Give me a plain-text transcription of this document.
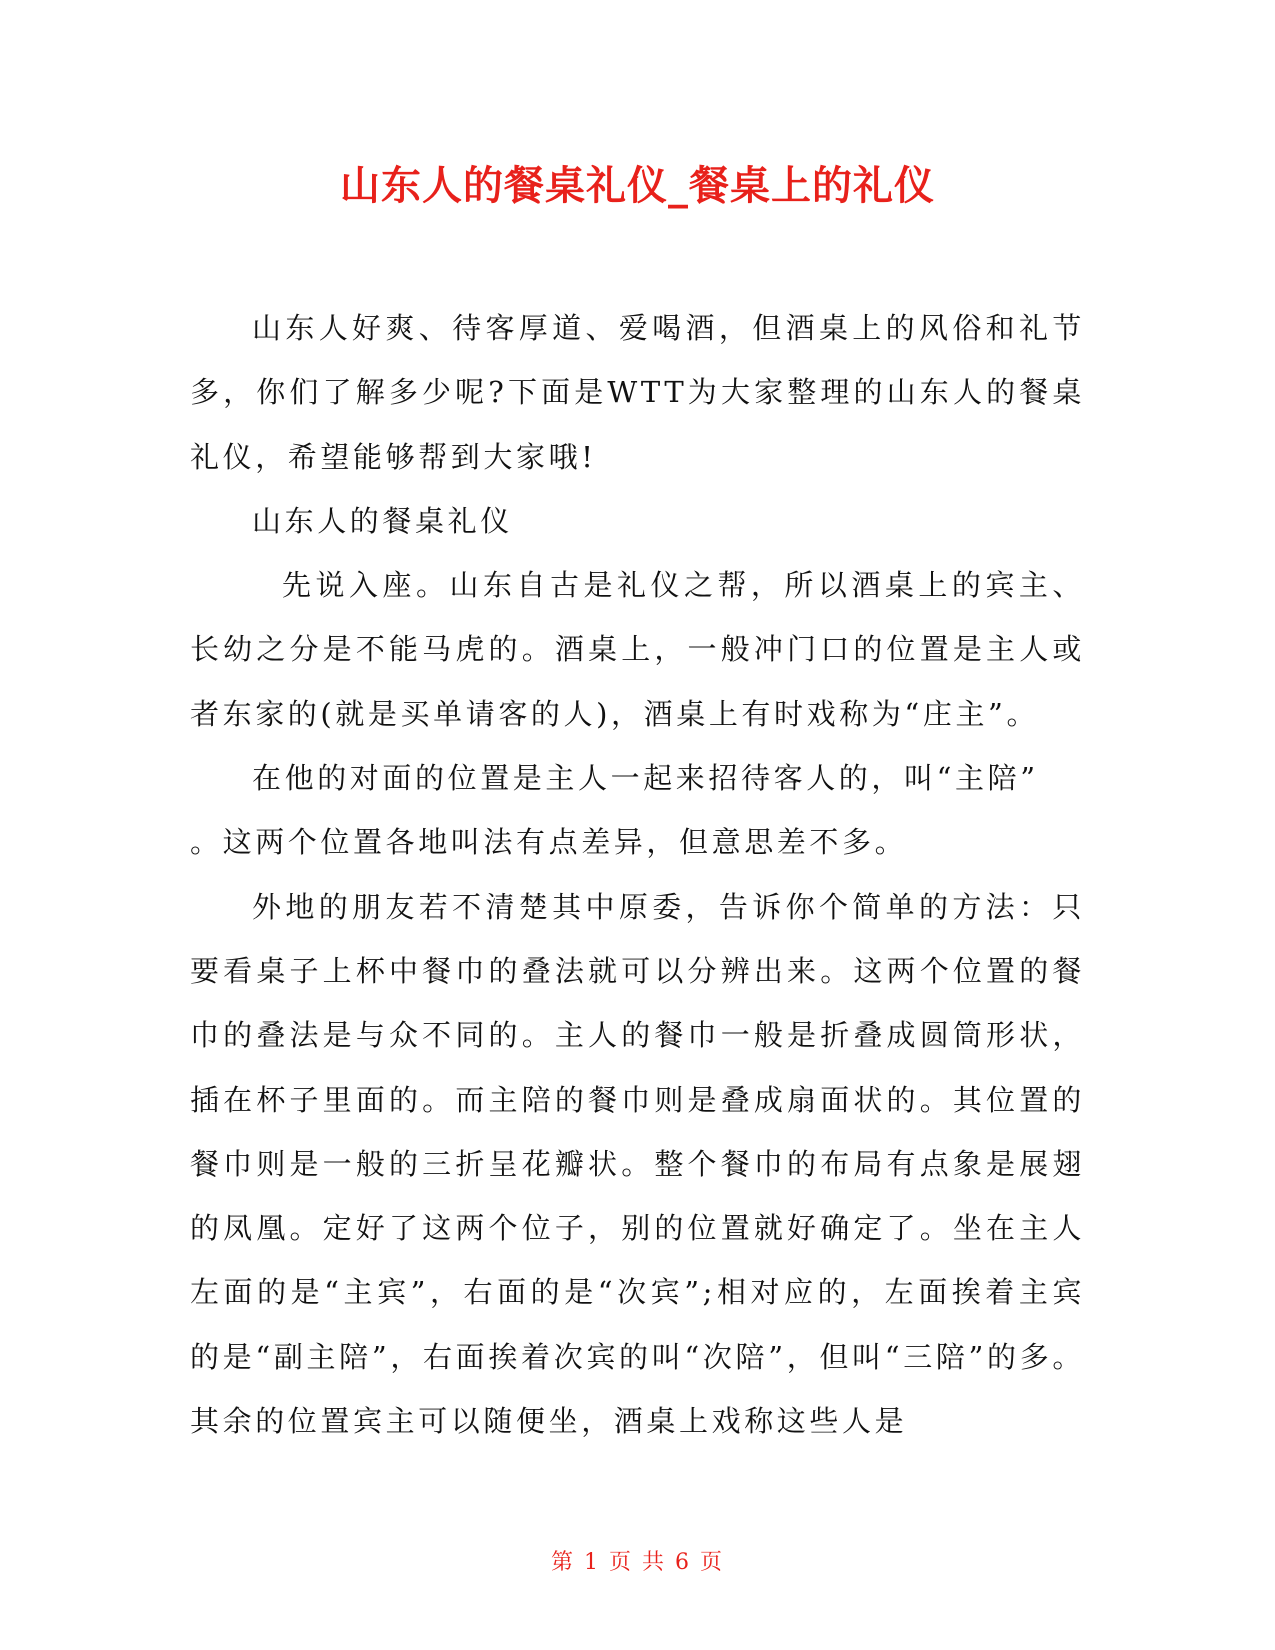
山东人的餐桌礼仪_餐桌上的礼仪

山东人好爽、待客厚道、爱喝酒，但酒桌上的风俗和礼节多，你们了解多少呢?下面是WTT为大家整理的山东人的餐桌礼仪，希望能够帮到大家哦!

山东人的餐桌礼仪

先说入座。山东自古是礼仪之帮，所以酒桌上的宾主、长幼之分是不能马虎的。酒桌上，一般冲门口的位置是主人或者东家的(就是买单请客的人)，酒桌上有时戏称为“庄主”。

在他的对面的位置是主人一起来招待客人的，叫“主陪”

。这两个位置各地叫法有点差异，但意思差不多。

外地的朋友若不清楚其中原委，告诉你个简单的方法：只要看桌子上杯中餐巾的叠法就可以分辨出来。这两个位置的餐巾的叠法是与众不同的。主人的餐巾一般是折叠成圆筒形状，插在杯子里面的。而主陪的餐巾则是叠成扇面状的。其位置的餐巾则是一般的三折呈花瓣状。整个餐巾的布局有点象是展翅的凤凰。定好了这两个位子，别的位置就好确定了。坐在主人左面的是“主宾”，右面的是“次宾”;相对应的，左面挨着主宾的是“副主陪”，右面挨着次宾的叫“次陪”，但叫“三陪”的多。其余的位置宾主可以随便坐，酒桌上戏称这些人是

第 1 页 共 6 页
